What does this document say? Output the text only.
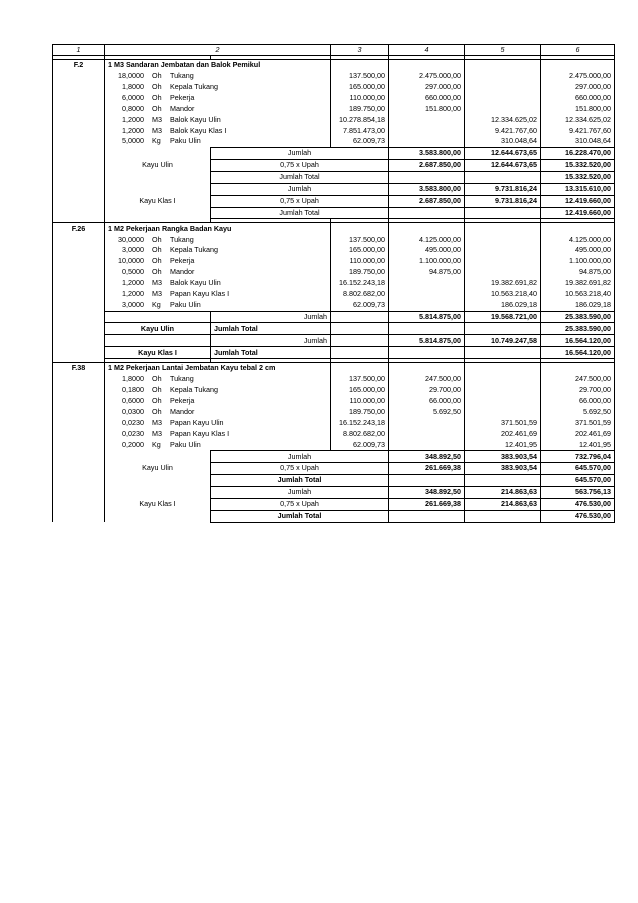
1	2		3	4	5	6

F.2	1 M3 Sandaran Jembatan dan Balok Pemikul					

	18,0000 Oh Tukang		137.500,00	2.475.000,00		2.475.000,00

	1,8000 Oh Kepala Tukang		165.000,00	297.000,00		297.000,00

	6,0000 Oh Pekerja		110.000,00	660.000,00		660.000,00

	0,8000 Oh Mandor		189.750,00	151.800,00		151.800,00

	1,2000 M3 Balok Kayu Ulin		10.278.854,18		12.334.625,02	12.334.625,02

	1,2000 M3 Balok Kayu Klas I		7.851.473,00		9.421.767,60	9.421.767,60

	5,0000 Kg Paku Ulin		62.009,73		310.048,64	310.048,64
	Kayu Ulin	Jumlah		3.583.800,00	12.644.673,65	16.228.470,00
		0,75 x Upah		2.687.850,00	12.644.673,65	15.332.520,00
		Jumlah Total				15.332.520,00
	Kayu Klas I	Jumlah		3.583.800,00	9.731.816,24	13.315.610,00
		0,75 x Upah		2.687.850,00	9.731.816,24	12.419.660,00
		Jumlah Total				12.419.660,00

F.26	1 M2 Pekerjaan Rangka Badan Kayu					

	30,0000 Oh Tukang		137.500,00	4.125.000,00		4.125.000,00

	3,0000 Oh Kepala Tukang		165.000,00	495.000,00		495.000,00

	10,0000 Oh Pekerja		110.000,00	1.100.000,00		1.100.000,00

	0,5000 Oh Mandor		189.750,00	94.875,00		94.875,00

	1,2000 M3 Balok Kayu Ulin		16.152.243,18		19.382.691,82	19.382.691,82

	1,2000 M3 Papan Kayu Klas I		8.802.682,00		10.563.218,40	10.563.218,40

	3,0000 Kg Paku Ulin		62.009,73		186.029,18	186.029,18
		Jumlah		5.814.875,00	19.568.721,00	25.383.590,00
	Kayu Ulin	Jumlah Total				25.383.590,00
		Jumlah		5.814.875,00	10.749.247,58	16.564.120,00
	Kayu Klas I	Jumlah Total				16.564.120,00

F.38	1 M2 Pekerjaan Lantai Jembatan Kayu tebal 2 cm					

	1,8000 Oh Tukang		137.500,00	247.500,00		247.500,00

	0,1800 Oh Kepala Tukang		165.000,00	29.700,00		29.700,00

	0,6000 Oh Pekerja		110.000,00	66.000,00		66.000,00

	0,0300 Oh Mandor		189.750,00	5.692,50		5.692,50

	0,0230 M3 Papan Kayu Ulin		16.152.243,18		371.501,59	371.501,59

	0,0230 M3 Papan Kayu Klas I		8.802.682,00		202.461,69	202.461,69

	0,2000 Kg Paku Ulin		62.009,73		12.401,95	12.401,95
	Kayu Ulin	Jumlah		348.892,50	383.903,54	732.796,04
		0,75 x Upah		261.669,38	383.903,54	645.570,00
		Jumlah Total				645.570,00
	Kayu Klas I	Jumlah		348.892,50	214.863,63	563.756,13
		0,75 x Upah		261.669,38	214.863,63	476.530,00
		Jumlah Total				476.530,00
